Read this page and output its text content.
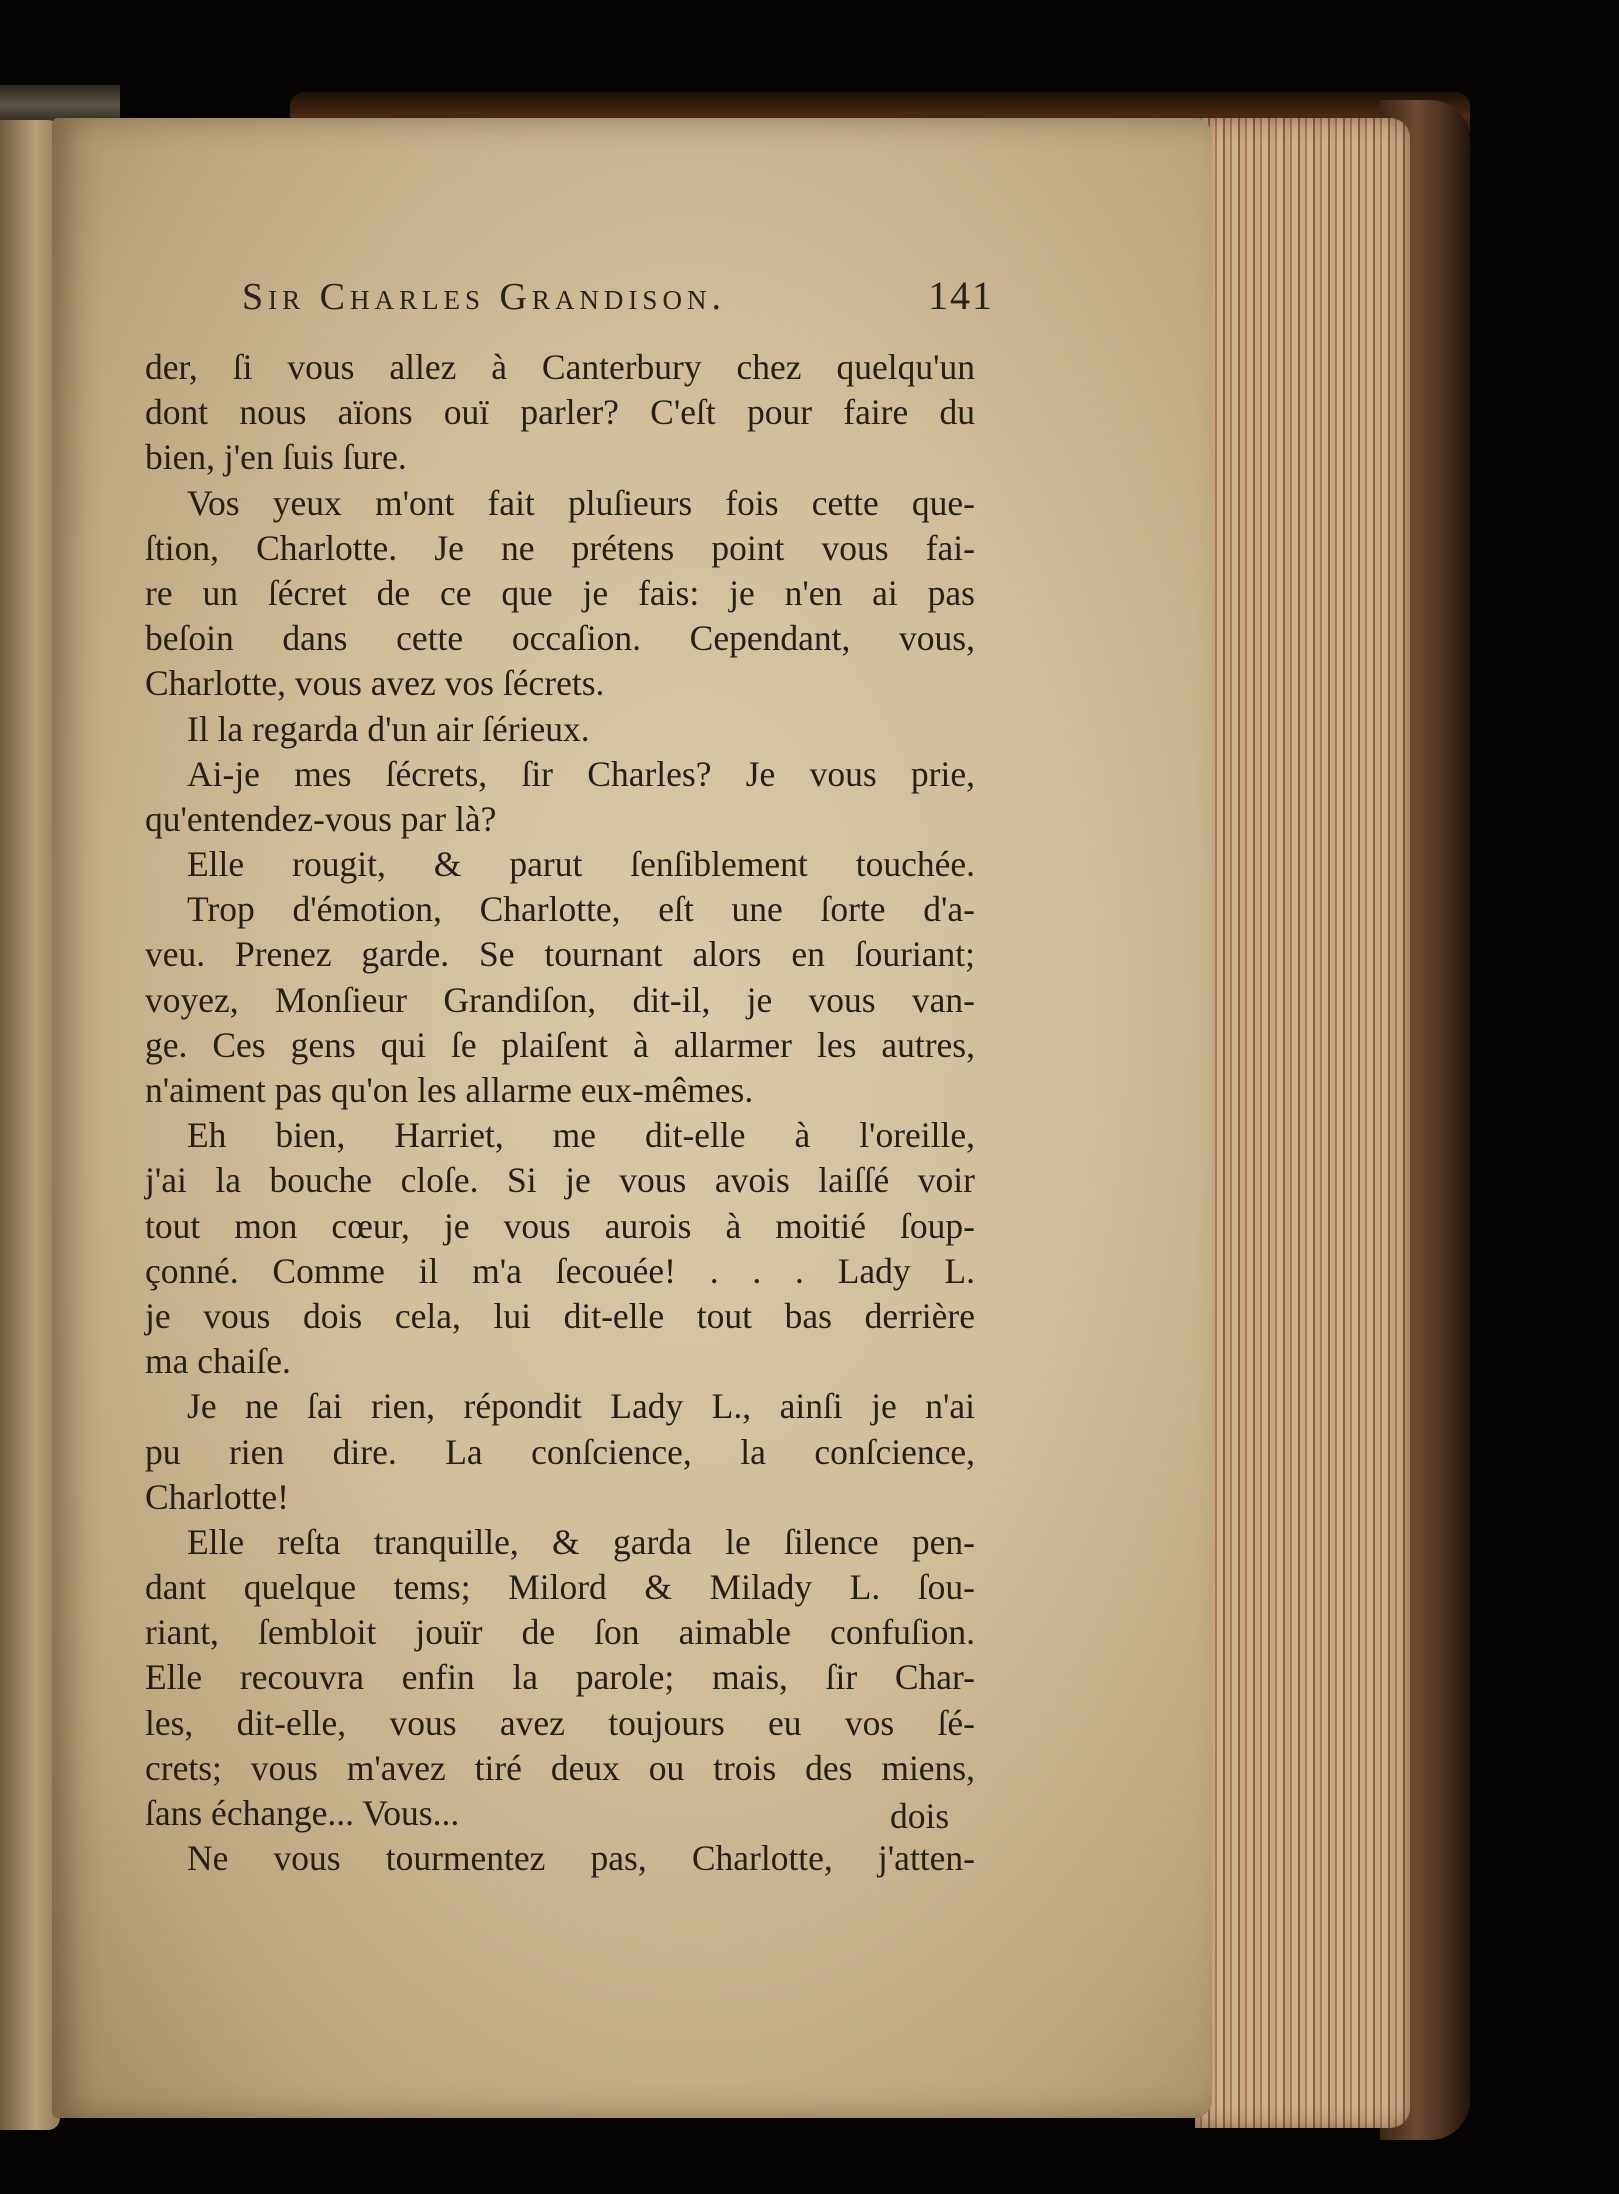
Sir Charles Grandison.	141
der, ſi vous allez à Canterbury chez quelqu'un
dont nous aïons ouï parler? C'eſt pour faire du
bien, j'en ſuis ſure.
Vos yeux m'ont fait pluſieurs fois cette que-
ſtion, Charlotte. Je ne prétens point vous fai-
re un ſécret de ce que je fais: je n'en ai pas
beſoin dans cette occaſion. Cependant, vous,
Charlotte, vous avez vos ſécrets.
Il la regarda d'un air ſérieux.
Ai-je mes ſécrets, ſir Charles? Je vous prie,
qu'entendez-vous par là?
Elle rougit, & parut ſenſiblement touchée.
Trop d'émotion, Charlotte, eſt une ſorte d'a-
veu. Prenez garde. Se tournant alors en ſouriant;
voyez, Monſieur Grandiſon, dit-il, je vous van-
ge. Ces gens qui ſe plaiſent à allarmer les autres,
n'aiment pas qu'on les allarme eux-mêmes.
Eh bien, Harriet, me dit-elle à l'oreille,
j'ai la bouche cloſe. Si je vous avois laiſſé voir
tout mon cœur, je vous aurois à moitié ſoup-
çonné. Comme il m'a ſecouée! . . . Lady L.
je vous dois cela, lui dit-elle tout bas derrière
ma chaiſe.
Je ne ſai rien, répondit Lady L., ainſi je n'ai
pu rien dire. La conſcience, la conſcience,
Charlotte!
Elle reſta tranquille, & garda le ſilence pen-
dant quelque tems; Milord & Milady L. ſou-
riant, ſembloit jouïr de ſon aimable confuſion.
Elle recouvra enfin la parole; mais, ſir Char-
les, dit-elle, vous avez toujours eu vos ſé-
crets; vous m'avez tiré deux ou trois des miens,
ſans échange... Vous...
Ne vous tourmentez pas, Charlotte, j'atten-
dois
